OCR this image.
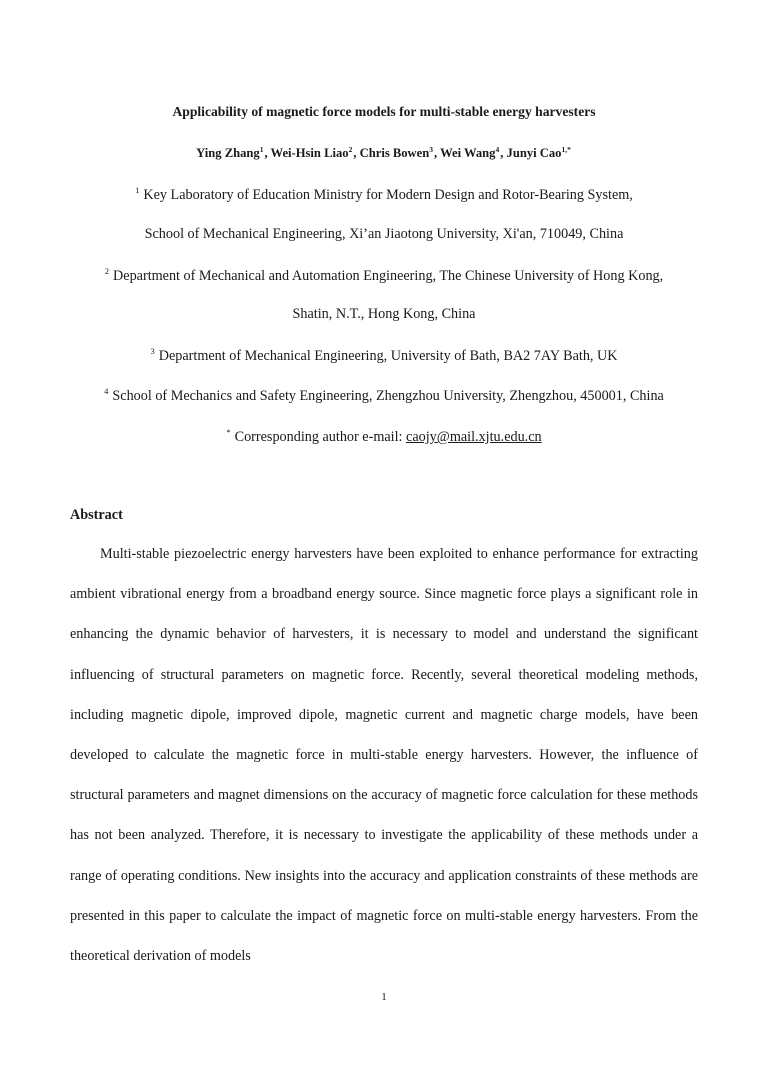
Applicability of magnetic force models for multi-stable energy harvesters
Ying Zhang$^1$, Wei-Hsin Liao$^2$, Chris Bowen$^3$, Wei Wang$^4$, Junyi Cao$^{1,*}$
$^1$ Key Laboratory of Education Ministry for Modern Design and Rotor-Bearing System,
School of Mechanical Engineering, Xi’an Jiaotong University, Xi'an, 710049, China
$^2$ Department of Mechanical and Automation Engineering, The Chinese University of Hong Kong,
Shatin, N.T., Hong Kong, China
$^3$ Department of Mechanical Engineering, University of Bath, BA2 7AY Bath, UK
$^4$ School of Mechanics and Safety Engineering, Zhengzhou University, Zhengzhou, 450001, China
* Corresponding author e-mail: caojy@mail.xjtu.edu.cn
Abstract

Multi-stable piezoelectric energy harvesters have been exploited to enhance performance for extracting ambient vibrational energy from a broadband energy source. Since magnetic force plays a significant role in enhancing the dynamic behavior of harvesters, it is necessary to model and understand the significant influencing of structural parameters on magnetic force. Recently, several theoretical modeling methods, including magnetic dipole, improved dipole, magnetic current and magnetic charge models, have been developed to calculate the magnetic force in multi-stable energy harvesters. However, the influence of structural parameters and magnet dimensions on the accuracy of magnetic force calculation for these methods has not been analyzed. Therefore, it is necessary to investigate the applicability of these methods under a range of operating conditions. New insights into the accuracy and application constraints of these methods are presented in this paper to calculate the impact of magnetic force on multi-stable energy harvesters. From the theoretical derivation of models

1
